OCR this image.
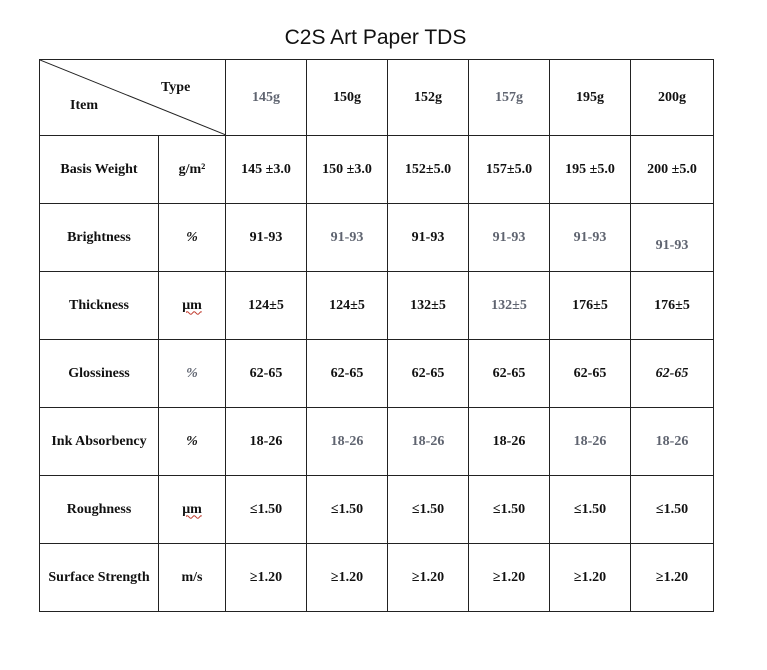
C2S Art Paper TDS
Type
Item		145g	150g	152g	157g	195g	200g
Basis Weight	g/m²	145 ±3.0	150 ±3.0	152±5.0	157±5.0	195 ±5.0	200 ±5.0
Brightness	%	91-93	91-93	91-93	91-93	91-93	91-93
Thickness	μm	124±5	124±5	132±5	132±5	176±5	176±5
Glossiness	%	62-65	62-65	62-65	62-65	62-65	62-65
Ink Absorbency	%	18-26	18-26	18-26	18-26	18-26	18-26
Roughness	μm	≤1.50	≤1.50	≤1.50	≤1.50	≤1.50	≤1.50
Surface Strength	m/s	≥1.20	≥1.20	≥1.20	≥1.20	≥1.20	≥1.20
